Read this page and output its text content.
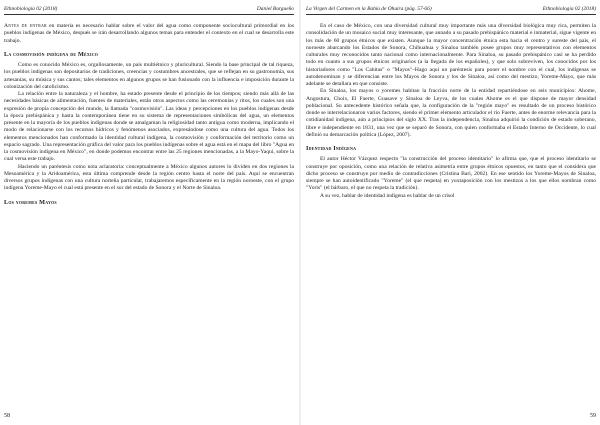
Ethnobiología 02 (2018)	Daniel Burgueño

Antes de entrar en materia es necesario hablar sobre el valor del agua como componente sociocultural primordial en los pueblos indígenas de México, después se irán desarrollando algunos temas para entender el contexto en el cual se desarrolla este trabajo.

La cosmovisión indígena de México

Como es conocido México es, orgullosamente, un país multiétnico y pluricultural. Siendo la base principal de tal riqueza, los pueblos indígenas son depositarios de tradiciones, creencias y costumbres ancestrales, que se reflejan en su gastronomía, sus artesanías, su música y sus cantos; tales elementos en algunos grupos se han fusionado con la influencia e imposición durante la colonización del catolicismo.

La relación entre la naturaleza y el hombre, ha estado presente desde el principio de los tiempos; siendo más allá de las necesidades básicas de alimentación, fuentes de materiales, están otros aspectos como las ceremonias y ritos, los cuales son una expresión de propia concepción del mundo, la llamada "cosmovisión". Las ideas y percepciones en los pueblos indígenas desde la época prehispánica y hasta la contemporánea tiene en su sistema de representaciones simbólicas del agua, un elementos presente en la mayoría de los pueblos indígenas donde se amalgaman la religiosidad tanto antigua como moderna, implicando el modo de relacionarse con los recursos hídricos y fenómenos asociados, expresándose como una cultura del agua. Todos los elementos mencionados han conformado la identidad cultural indígena, la cosmovisión y conformación del territorio como un espacio sagrado. Una representación gráfica del valor para los pueblos indígenas sobre el agua está en el mapa del libro "Agua en la cosmovisión indígena en México", en donde podemos encontrar entre las 25 regiones mencionadas, a la Mayo-Yaqui, sobre la cual versa este trabajo.

Haciendo un paréntesis como nota aclaratoria: conceptualmente a México algunos autores lo dividen en dos regiones la Mesoamérica y la Aridoamérica, esta última comprende desde la región centro hasta el norte del país. Aquí se encuentran diversos grupos indígenas con una cultura norteña particular, trabajaremos específicamente en la región noroeste, con el grupo indígena Yoreme-Mayo el cual está presente en el sur del estado de Sonora y el Norte de Sinaloa.

Los yoremes Mayos
58
La Virgen del Carmen en la Bahía de Ohuira (pág. 57-66)	Ethnobiología 02 (2018)

En el caso de México, con una diversidad cultural muy importante más una diversidad biológica muy rica, permiten la consolidación de un mosaico social muy interesante, que aunado a su pasado prehispánico material e inmaterial, sigue vigente en los más de 60 grupos étnicos que existen. Aunque la mayor concentración étnica esta hacia el centro y sureste del país, el noroeste abarcando los Estados de Sonora, Chihuahua y Sinaloa también posee grupos muy representativos con elementos culturales muy reconocidos tanto nacional como internacionalmente. Para Sinaloa, su pasado prehispánico casi se ha perdido todo en cuanto a sus grupos étnicos originarios (a la llegada de los españoles), y que solo sobreviven, los conocidos por los historiadores como "Los Cahitas" o "Mayos"–Hago aquí un paréntesis para poner el nombre con el cual, los indígenas se autodenominan y se diferencian entre los Mayos de Sonora y los de Sinaloa, así como del mestizo, Yoreme-Mayo, que más adelante se detallara en que consiste.

En Sinaloa, los mayos o yoremes habitan la fracción norte de la entidad repartiéndose en seis municipios: Ahome, Angostura, Choix, El Fuerte, Guasave y Sinaloa de Leyva, de los cuales Ahome es el que dispone de mayor densidad poblacional. Su antecedente histórico señala que, la configuración de la "región mayo" es resultado de un proceso histórico donde se interrelacionaron varios factores, siendo el primer elemento articulador el río Fuerte, antes de enorme relevancia para la cotidianidad indígena, aún a principios del siglo XX. Tras la independencia, Sinaloa adquirió la condición de estado soberano, libre e independiente en 1831, una vez que se separó de Sonora, con quien conformaba el Estado Interno de Occidente, lo cual definió su demarcación política (López, 2007).

Identidad Indígena

El autor Héctor Vázquez respecto "la construcción del proceso identitario" lo afirma que, que el proceso identitario se construye por oposición, como una relación de relativa asimetría entre grupos étnicos opuestos, en tanto que el considera que dicho proceso se construye por medio de contradicciones (Cristina Bari, 2002). En ese sentido los Yoreme-Mayos de Sinaloa, siempre se han autoidentificado "Yoreme" (el que respeta) en yuxtaposición con los mestizos a los que ellos nombran como "Yoris" (el bárbaro, el que no respeta la tradición).

A su vez, hablar de identidad indígena es hablar de un crisol

59
